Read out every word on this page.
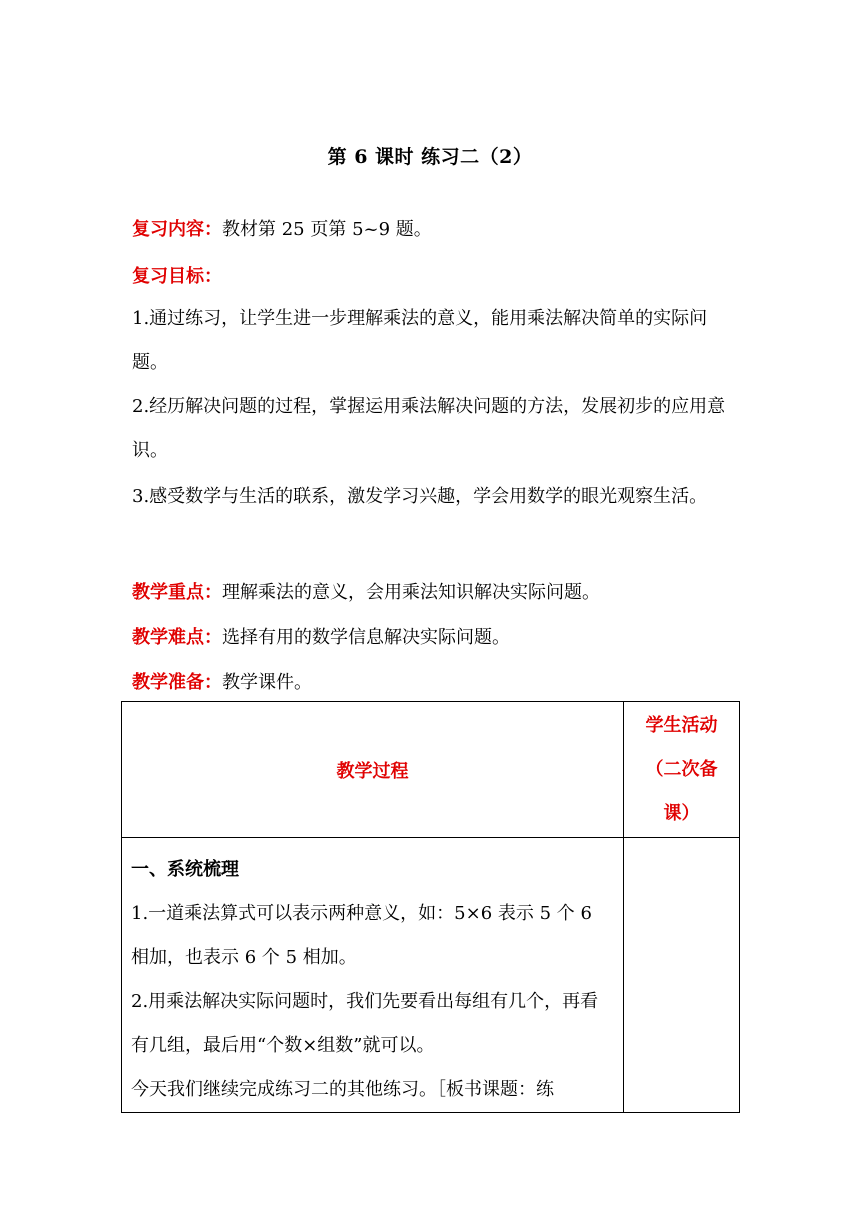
第 6 课时 练习二（2）
复习内容：教材第 25 页第 5~9 题。
复习目标：
1.通过练习，让学生进一步理解乘法的意义，能用乘法解决简单的实际问题。
2.经历解决问题的过程，掌握运用乘法解决问题的方法，发展初步的应用意识。
3.感受数学与生活的联系，激发学习兴趣，学会用数学的眼光观察生活。
教学重点：理解乘法的意义，会用乘法知识解决实际问题。
教学难点：选择有用的数学信息解决实际问题。
教学准备：教学课件。
教学过程	学生活动（二次备课）

一、系统梳理
1.一道乘法算式可以表示两种意义，如：5×6 表示 5 个 6 相加，也表示 6 个 5 相加。
2.用乘法解决实际问题时，我们先要看出每组有几个，再看有几组，最后用“个数×组数”就可以。
今天我们继续完成练习二的其他练习。［板书课题：练	
